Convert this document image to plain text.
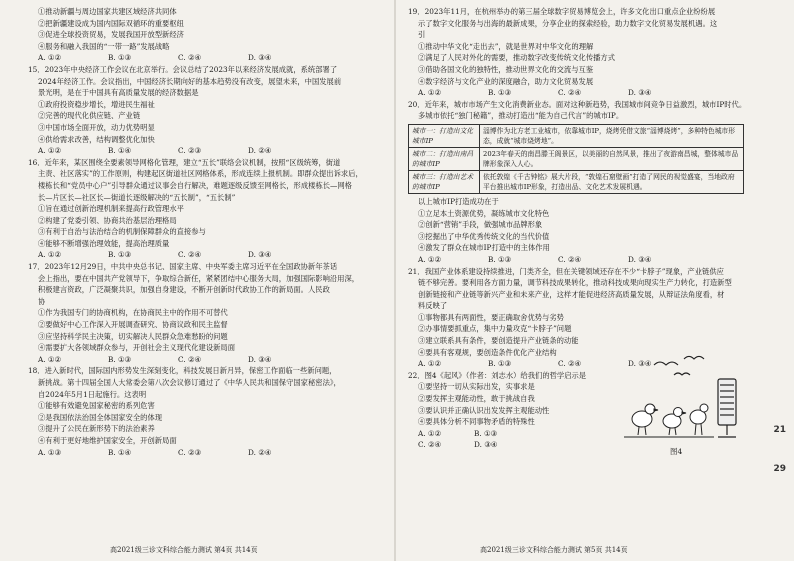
①推动新疆与周边国家共建区域经济共同体
②把新疆建设成为国内国际双循环的重要枢纽
③促进全球投资贸易，发展我国开放型新经济
④服务和融入我国的“一带一路”发展战略
A. ①②	B. ①③	C. ②④	D. ③④
15．2023年中央经济工作会议在北京举行。会议总结了2023年以来经济发展成就，系统部署了
2024年经济工作。会议指出，中国经济长期向好的基本趋势没有改变，展望未来，中国发展前
景光明，是在于中国具有高质量发展的经济数据是
①政府投资稳步增长，增进民生福祉
②完善的现代化供应链、产业链
③中国市场全面开放，动力优势明显
④供给需求改善，结构调整优化加快
A. ①②	B. ①④	C. ②③	D. ②④
16．近年来，某区围绕全要素领导网格化管理，建立“五长”联络会议机制，按照“区级统筹，街道
主责、社区落实”的工作原则，构建起区街道社区网格体系，形成连续上报机制。即群众提出诉求后，
楼栋长和“党员中心户”引导群众通过议事会自行解决，难题逐级反馈至网格长，形成楼栋长—网格
长—片区长—社区长—街道长逐级解决的“五长制”，“五长制”
①旨在通过创新治理机制来提高行政管理水平
②构建了党委引领、协商共治基层治理格局
③有利于自治与法治结合的机制保障群众的直接参与
④能够不断增强治理效能，提高治理质量
A. ①②	B. ①③	C. ②④	D. ③④
17．2023年12月29日，中共中央总书记、国家主席、中央军委主席习近平在全国政协新年茶话
会上指出，要在中国共产党领导下，争取综合新任，紧紧团结中心服务大局，加强国际影响沿用深，
积极建言资政，广泛凝聚共识，加强自身建设，不断开创新时代政协工作的新局面。人民政
协
①作为我国专门的协商机构，在协商民主中的作用不可替代
②要做好中心工作深入开展调查研究、协商议政和民主监督
③应坚持科学民主决策，切实解决人民群众急难愁盼的问题
④需要扩大各领域群众参与，开创社会主义现代化建设新局面
A. ①②	B. ①③	C. ②④	D. ③④
18．进入新时代，国际国内形势发生深刻变化，科技发展日新月异，保密工作面临一些新问题，
新挑战。第十四届全国人大常委会第八次会议修订通过了《中华人民共和国保守国家秘密法》，
自2024年5月1日起施行。这表明
①能够有效避免国家秘密的系列危害
②是我国依法治国全体国家安全的体现
③提升了公民在新形势下的法治素养
④有利于更好地维护国家安全，开创新局面
A. ①③	B. ①④	C. ②③	D. ②④
高2021级三诊文科综合能力测试 第4页 共14页
19．2023年11月，在杭州举办的第三届全球数字贸易博览会上，许多文化出口重点企业纷纷展
示了数字文化服务与出海的最新成果，分享企业的探索经验，助力数字文化贸易发展机遇。这
引
①推动中华文化“走出去”，就是世界对中华文化的理解
②满足了人民对外化的需要，推动数字改变传统文化传播方式
③借助各国文化的独特性，推动世界文化的交流与互鉴
④数字经济与文化产业的深度融合，助力文化贸易发展
A. ①②	B. ①③	C. ②④	D. ③④
20．近年来，城市市场产生文化消费新业态。面对这种新趋势，我国城市间竞争日益激烈，城市IP时代。
多城市依托“独门秘籍”，推动打造出“能为自己代言”的城市IP。
城市一：打造出文化城市IP	淄博作为北方老工业城市，依靠城市IP，烧烤凭借文旅“淄博烧烤”，多种特色城市形态，成就“城市烧烤地”。
城市二：打造出南昌的城市IP	2023年春天的南昌滕王阁景区，以美丽的自然风景，推出了夜游南昌城，整体城市品牌形象深入人心。
城市三：打造出艺术的城市IP	依托敦煌《千古钟铭》展大片段，“敦煌石窟壁画”打造了网民的视觉盛宴，当地政府平台推出城市IP形象，打造出品、文化艺术发展机遇。
以上城市IP打造成功在于
①立足本土资源优势，凝练城市文化特色
②创新“营销”手段，做强城市品牌形象
③挖掘出了中华优秀传统文化的当代价值
④激发了群众在城市IP打造中的主体作用
A. ①②	B. ①③	C. ②④	D. ③④
21．我国产业体系建设持续推进，门类齐全，但在关键领域还存在不少“卡脖子”现象，产业链供应
链不够完善。要利用各方面力量，调节科技成果转化，推动科技成果向现实生产力转化，打造新型
创新链接和产业链等新兴产业和未来产业，这样才能促进经济高质量发展，从辩证法角度看，材
料反映了
①事物都具有两面性，要正确取舍优势与劣势
②办事情要抓重点，集中力量攻克“卡脖子”问题
③建立联系具有条件，要创造提升产业链条的动能
④要具有客观规，要创造条件优化产业结构
A. ①②	B. ①③	C. ②④	D. ③④
22．图4《起风》（作者：刘志水）给我们的哲学启示是
①要坚持一切从实际出发，实事求是
②要发挥主观能动性，敢于挑战自我
③要认识并正确认识出发发挥主观能动性
④要具体分析不同事物矛盾的特殊性
A. ①②	B. ①③
C. ②④	D. ③④
图4
高2021级三诊文科综合能力测试 第5页 共14页
21
29
